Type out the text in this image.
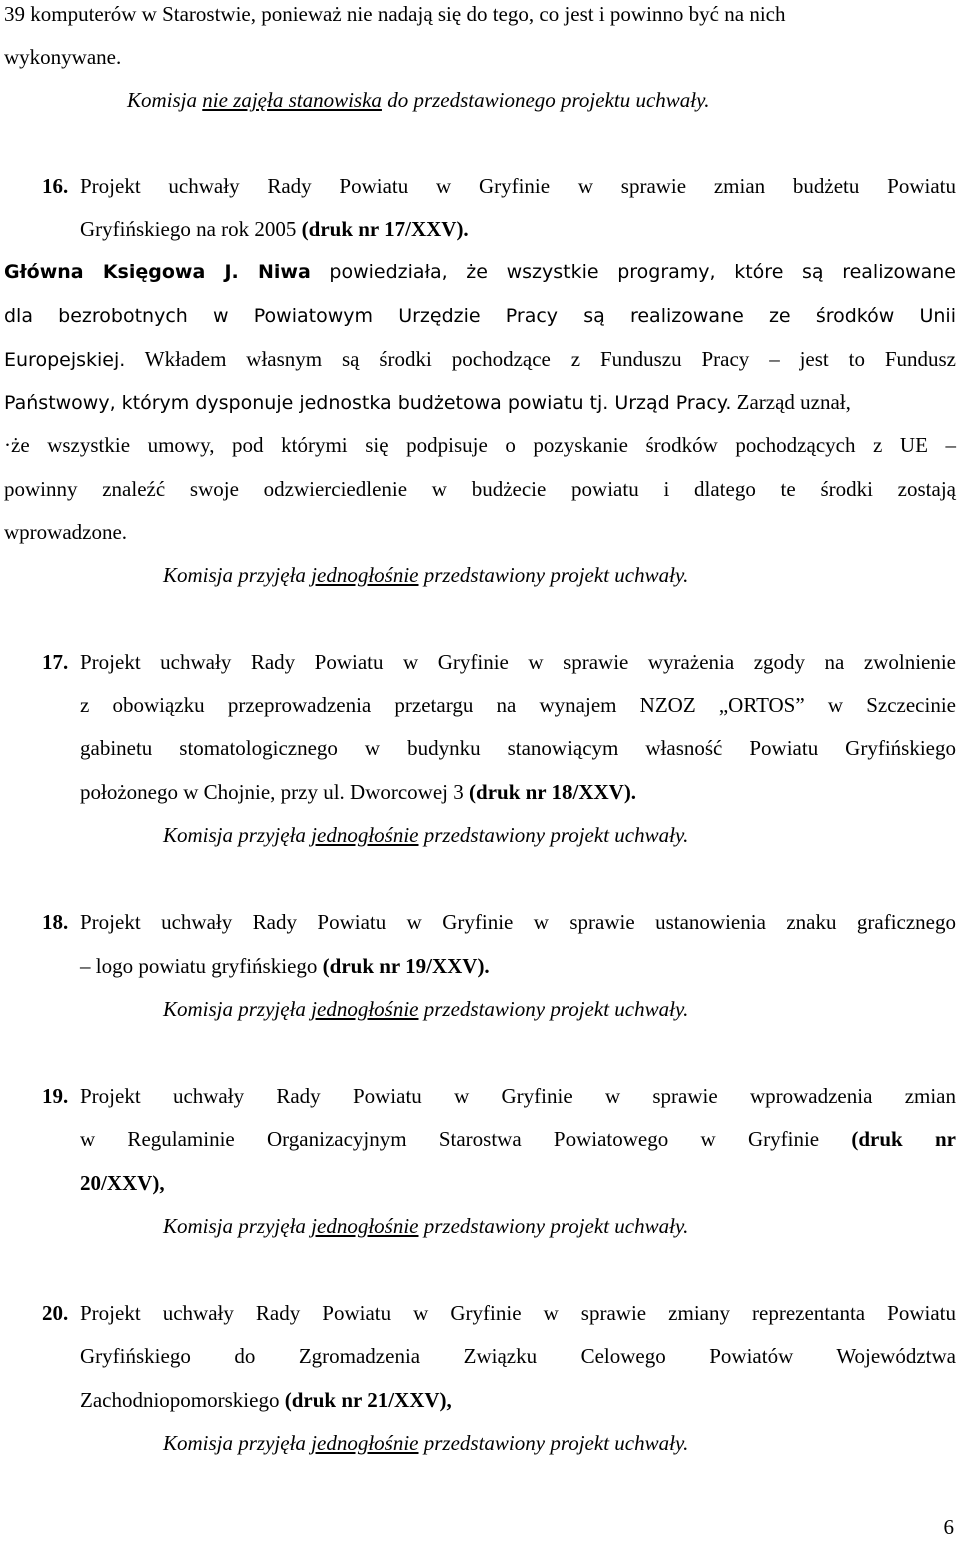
39 komputerów w Starostwie, ponieważ nie nadają się do tego, co jest i powinno być na nich
wykonywane.
Komisja nie zajęła stanowiska do przedstawionego projektu uchwały.
16. Projekt uchwały Rady Powiatu w Gryfinie w sprawie zmian budżetu Powiatu
Gryfińskiego na rok 2005 (druk nr 17/XXV).
Główna Księgowa J. Niwa powiedziała, że wszystkie programy, które są realizowane
dla bezrobotnych w Powiatowym Urzędzie Pracy są realizowane ze środków Unii
Europejskiej. Wkładem własnym są środki pochodzące z Funduszu Pracy – jest to Fundusz
Państwowy, którym dysponuje jednostka budżetowa powiatu tj. Urząd Pracy. Zarząd uznał,
·że wszystkie umowy, pod którymi się podpisuje o pozyskanie środków pochodzących z UE –
powinny znaleźć swoje odzwierciedlenie w budżecie powiatu i dlatego te środki zostają
wprowadzone.
Komisja przyjęła jednogłośnie przedstawiony projekt uchwały.
17. Projekt uchwały Rady Powiatu w Gryfinie w sprawie wyrażenia zgody na zwolnienie
z obowiązku przeprowadzenia przetargu na wynajem NZOZ „ORTOS” w Szczecinie
gabinetu stomatologicznego w budynku stanowiącym własność Powiatu Gryfińskiego
położonego w Chojnie, przy ul. Dworcowej 3 (druk nr 18/XXV).
Komisja przyjęła jednogłośnie przedstawiony projekt uchwały.
18. Projekt uchwały Rady Powiatu w Gryfinie w sprawie ustanowienia znaku graficznego
– logo powiatu gryfińskiego (druk nr 19/XXV).
Komisja przyjęła jednogłośnie przedstawiony projekt uchwały.
19. Projekt uchwały Rady Powiatu w Gryfinie w sprawie wprowadzenia zmian
w Regulaminie Organizacyjnym Starostwa Powiatowego w Gryfinie (druk nr
20/XXV),
Komisja przyjęła jednogłośnie przedstawiony projekt uchwały.
20. Projekt uchwały Rady Powiatu w Gryfinie w sprawie zmiany reprezentanta Powiatu
Gryfińskiego do Zgromadzenia Związku Celowego Powiatów Województwa
Zachodniopomorskiego (druk nr 21/XXV),
Komisja przyjęła jednogłośnie przedstawiony projekt uchwały.
6
